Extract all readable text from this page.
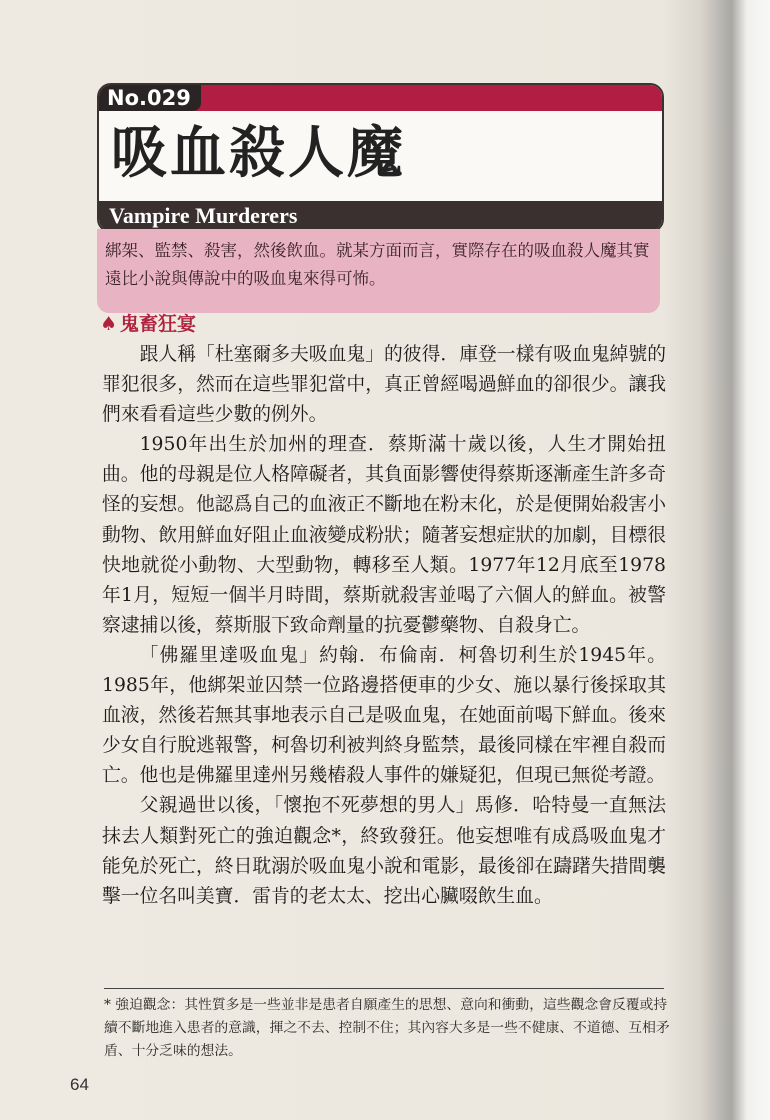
No.029
吸血殺人魔
Vampire Murderers
綁架、監禁、殺害，然後飲血。就某方面而言，實際存在的吸血殺人魔其實遠比小說與傳說中的吸血鬼來得可怖。
♠ 鬼畜狂宴

跟人稱「杜塞爾多夫吸血鬼」的彼得．庫登一樣有吸血鬼綽號的罪犯很多，然而在這些罪犯當中，真正曾經喝過鮮血的卻很少。讓我們來看看這些少數的例外。

1950年出生於加州的理查．蔡斯滿十歲以後，人生才開始扭曲。他的母親是位人格障礙者，其負面影響使得蔡斯逐漸產生許多奇怪的妄想。他認爲自己的血液正不斷地在粉末化，於是便開始殺害小動物、飲用鮮血好阻止血液變成粉狀；隨著妄想症狀的加劇，目標很快地就從小動物、大型動物，轉移至人類。1977年12月底至1978年1月，短短一個半月時間，蔡斯就殺害並喝了六個人的鮮血。被警察逮捕以後，蔡斯服下致命劑量的抗憂鬱藥物、自殺身亡。

「佛羅里達吸血鬼」約翰．布倫南．柯魯切利生於1945年。1985年，他綁架並囚禁一位路邊搭便車的少女、施以暴行後採取其血液，然後若無其事地表示自己是吸血鬼，在她面前喝下鮮血。後來少女自行脫逃報警，柯魯切利被判終身監禁，最後同樣在牢裡自殺而亡。他也是佛羅里達州另幾樁殺人事件的嫌疑犯，但現已無從考證。

父親過世以後，「懷抱不死夢想的男人」馬修．哈特曼一直無法抹去人類對死亡的強迫觀念*，終致發狂。他妄想唯有成爲吸血鬼才能免於死亡，終日耽溺於吸血鬼小說和電影，最後卻在躊躇失措間襲擊一位名叫美寶．雷肯的老太太、挖出心臟啜飲生血。

* 強迫觀念：其性質多是一些並非是患者自願產生的思想、意向和衝動，這些觀念會反覆或持續不斷地進入患者的意識，揮之不去、控制不住；其內容大多是一些不健康、不道德、互相矛盾、十分乏味的想法。
64
